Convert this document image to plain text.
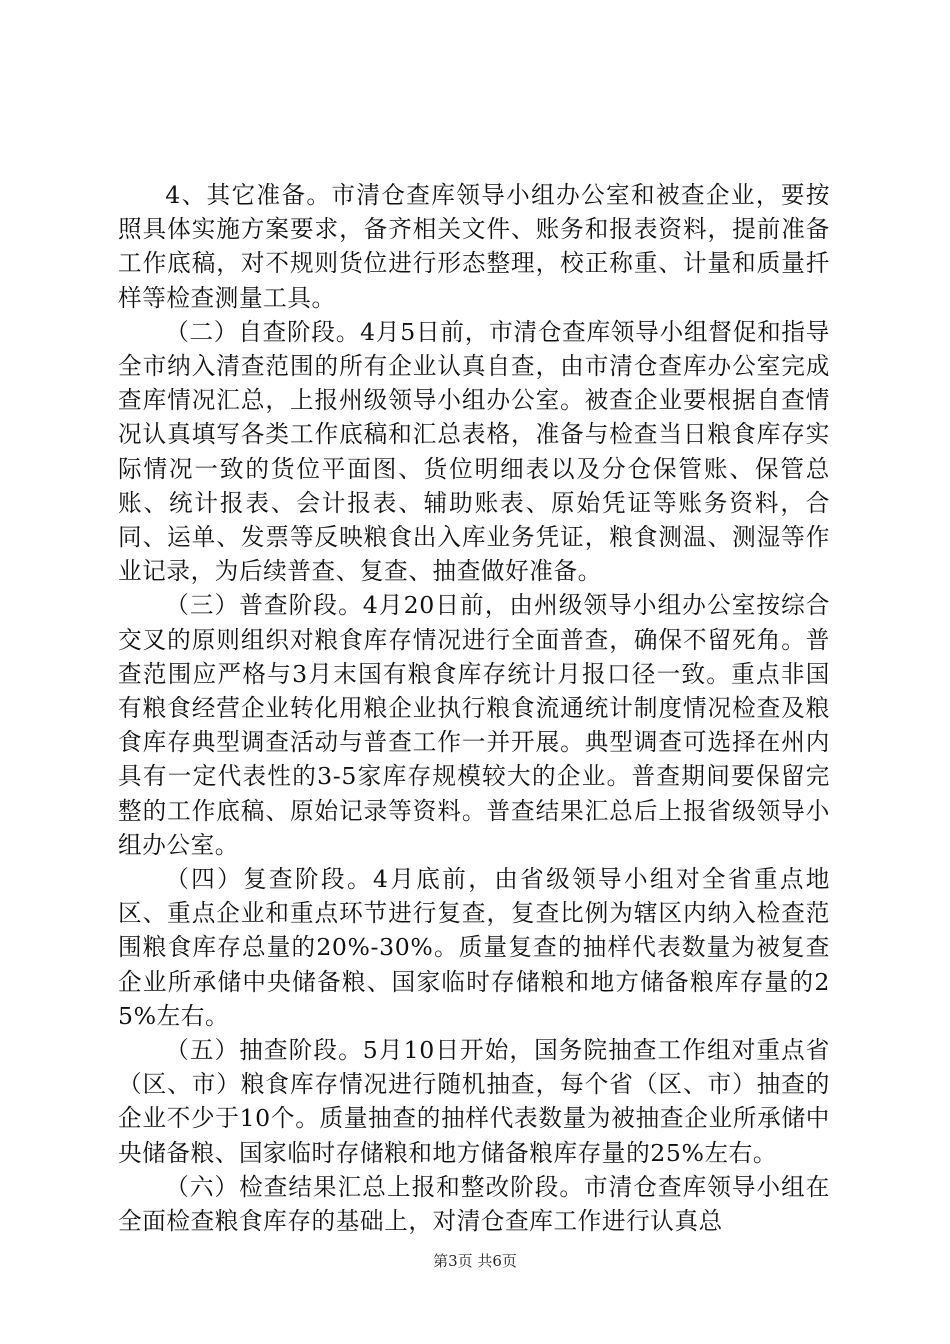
4、其它准备。市清仓查库领导小组办公室和被查企业，要按照具体实施方案要求，备齐相关文件、账务和报表资料，提前准备工作底稿，对不规则货位进行形态整理，校正称重、计量和质量扦样等检查测量工具。

（二）自查阶段。4月5日前，市清仓查库领导小组督促和指导全市纳入清查范围的所有企业认真自查，由市清仓查库办公室完成查库情况汇总，上报州级领导小组办公室。被查企业要根据自查情况认真填写各类工作底稿和汇总表格，准备与检查当日粮食库存实际情况一致的货位平面图、货位明细表以及分仓保管账、保管总账、统计报表、会计报表、辅助账表、原始凭证等账务资料，合同、运单、发票等反映粮食出入库业务凭证，粮食测温、测湿等作业记录，为后续普查、复查、抽查做好准备。

（三）普查阶段。4月20日前，由州级领导小组办公室按综合交叉的原则组织对粮食库存情况进行全面普查，确保不留死角。普查范围应严格与3月末国有粮食库存统计月报口径一致。重点非国有粮食经营企业转化用粮企业执行粮食流通统计制度情况检查及粮食库存典型调查活动与普查工作一并开展。典型调查可选择在州内具有一定代表性的3-5家库存规模较大的企业。普查期间要保留完整的工作底稿、原始记录等资料。普查结果汇总后上报省级领导小组办公室。

（四）复查阶段。4月底前，由省级领导小组对全省重点地区、重点企业和重点环节进行复查，复查比例为辖区内纳入检查范围粮食库存总量的20%-30%。质量复查的抽样代表数量为被复查企业所承储中央储备粮、国家临时存储粮和地方储备粮库存量的25%左右。

（五）抽查阶段。5月10日开始，国务院抽查工作组对重点省（区、市）粮食库存情况进行随机抽查，每个省（区、市）抽查的企业不少于10个。质量抽查的抽样代表数量为被抽查企业所承储中央储备粮、国家临时存储粮和地方储备粮库存量的25%左右。

（六）检查结果汇总上报和整改阶段。市清仓查库领导小组在全面检查粮食库存的基础上，对清仓查库工作进行认真总

第3页 共6页
